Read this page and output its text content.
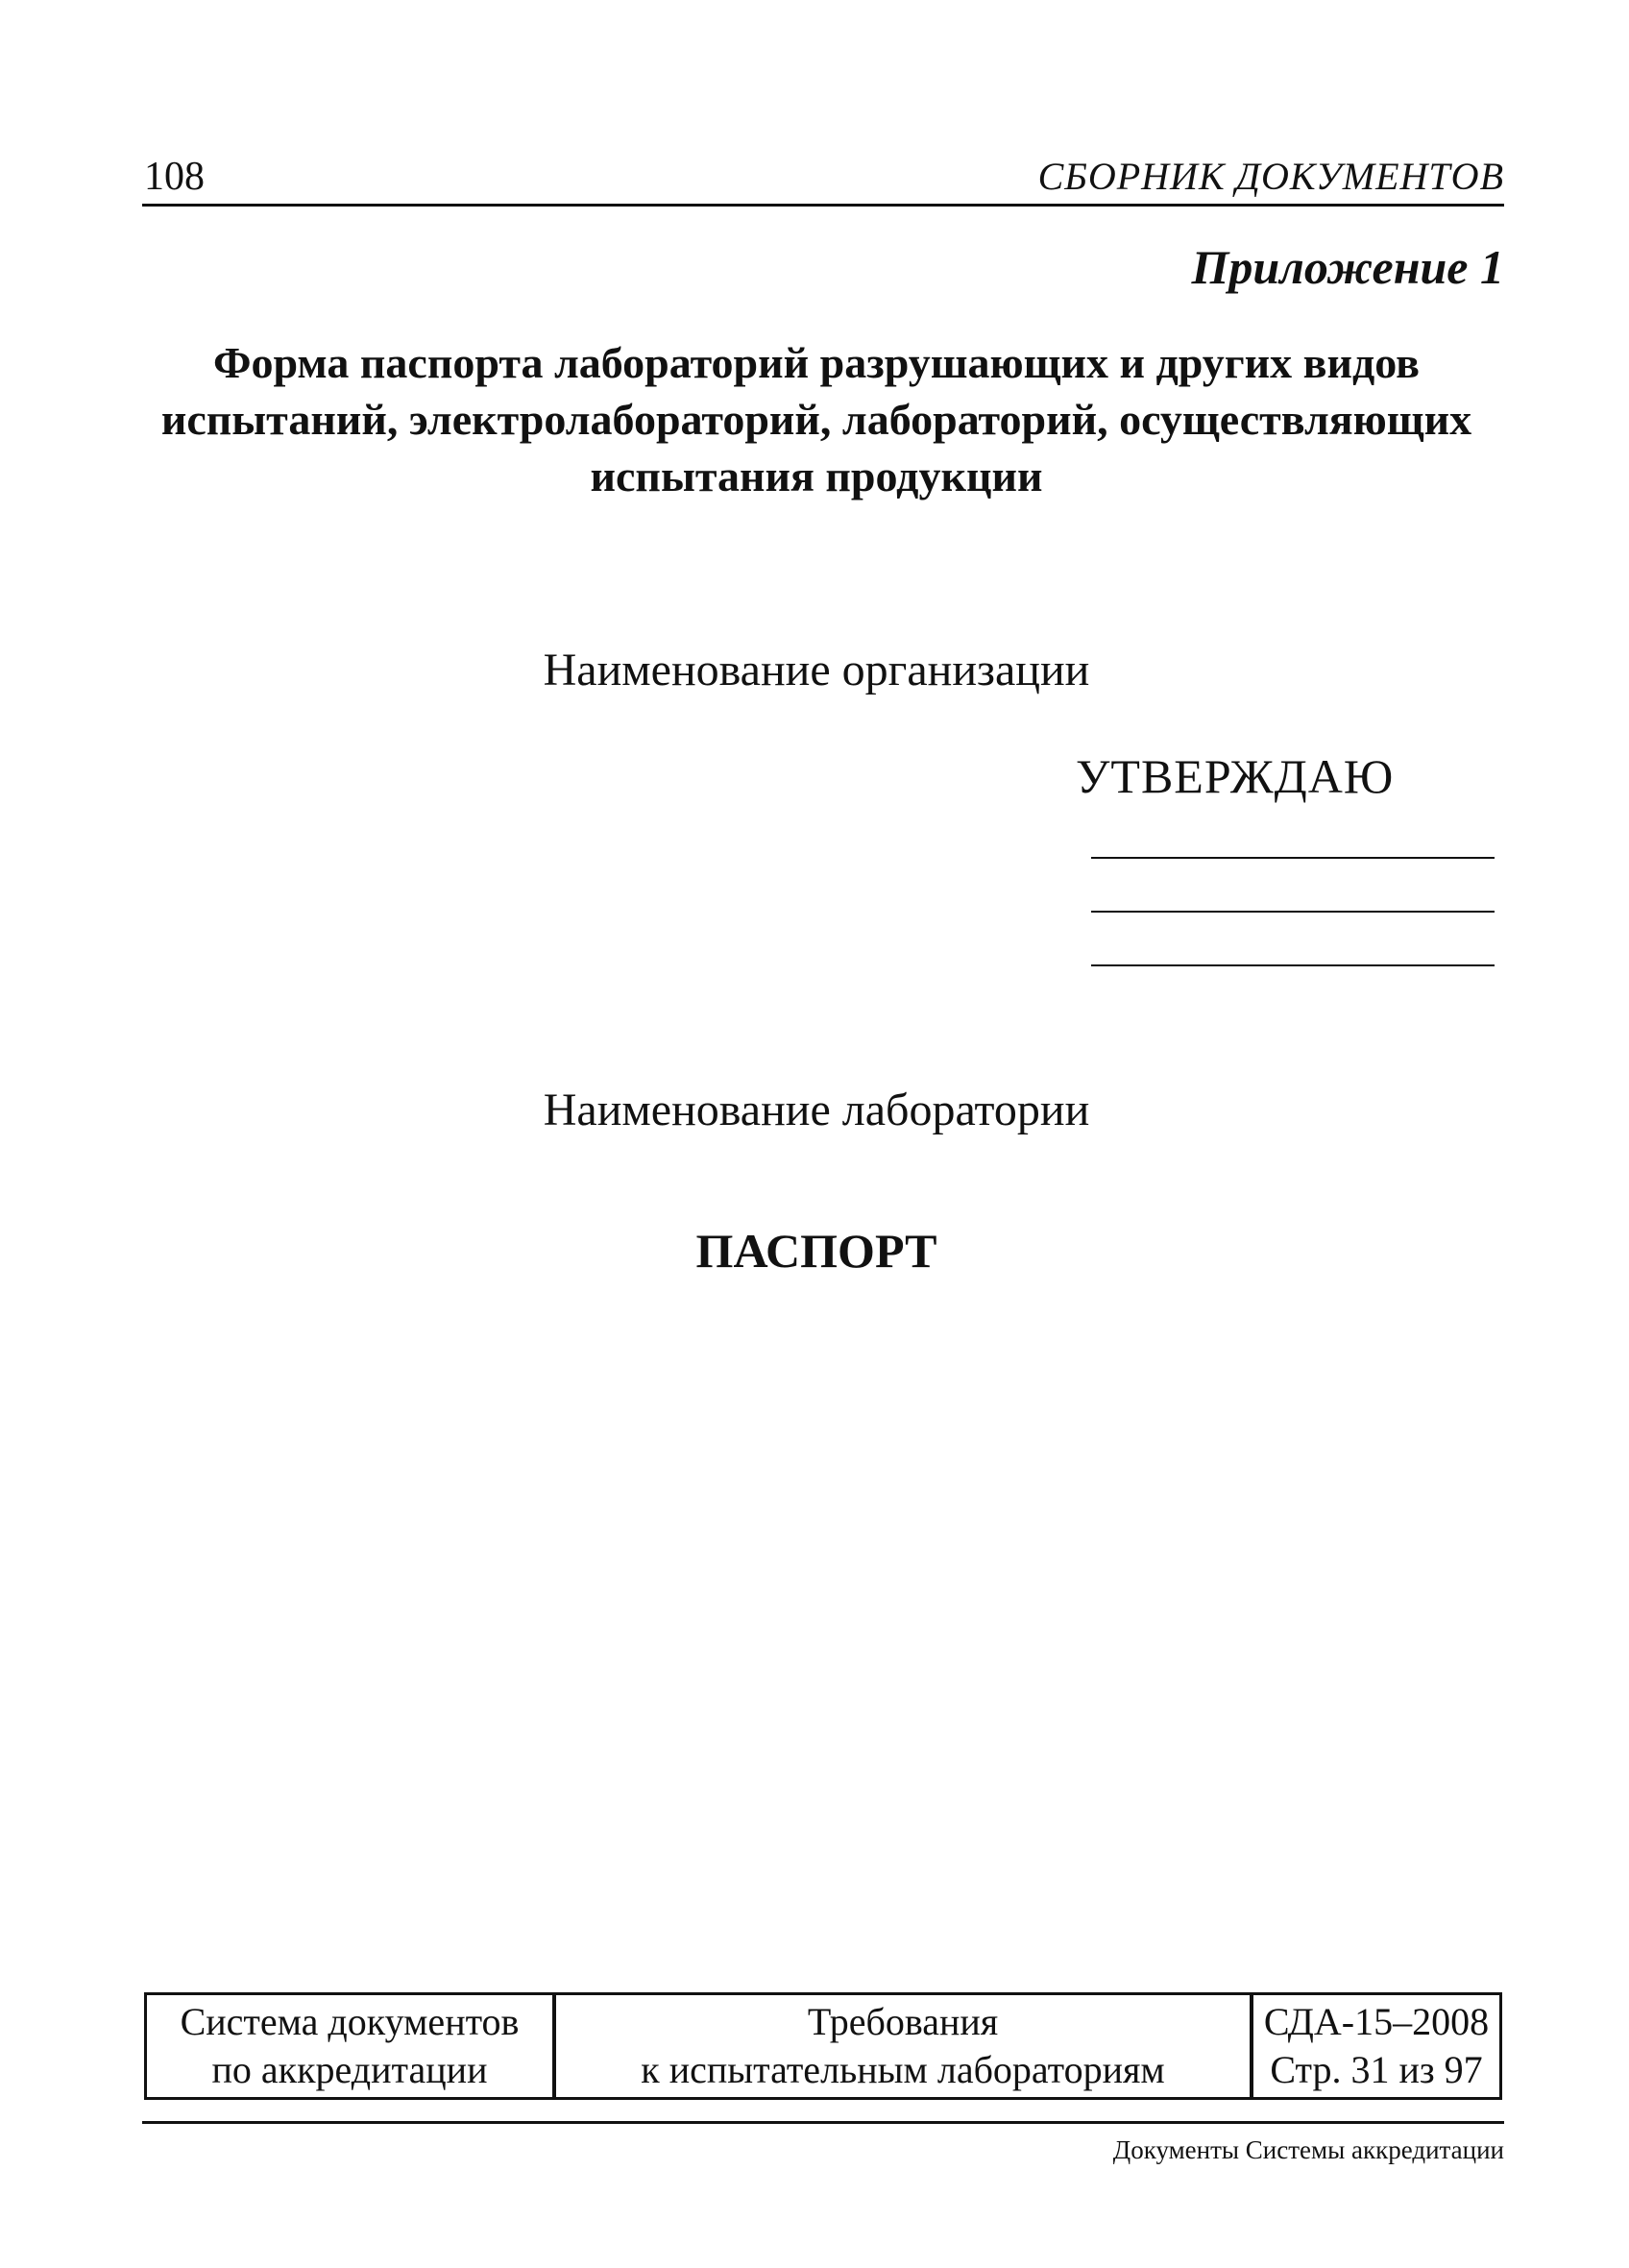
108	СБОРНИК ДОКУМЕНТОВ
Приложение 1
Форма паспорта лабораторий разрушающих и других видов
испытаний, электролабораторий, лабораторий, осуществляющих
испытания продукции
Наименование организации
УТВЕРЖДАЮ
Наименование лаборатории
ПАСПОРТ
Система документов
по аккредитации
Требования
к испытательным лабораториям
СДА-15–2008
Стр. 31 из 97
Документы Системы аккредитации
